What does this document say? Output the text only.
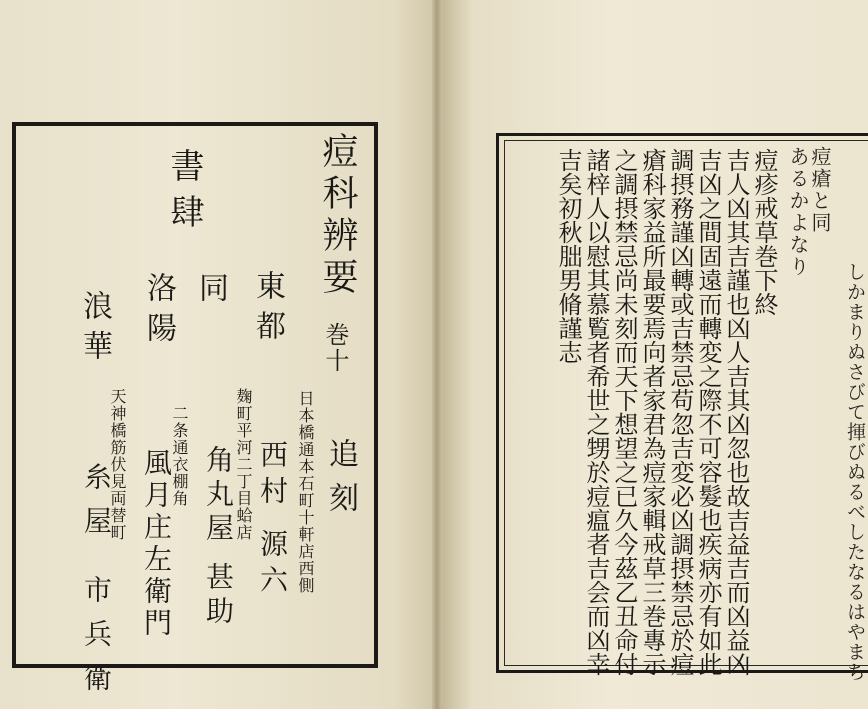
痘科辨要
巻十
追刻
書肆
東都
同
洛陽
浪華
日本橋通本石町十軒店西側
西村 源六
麹町平河二丁目蛤店
角丸屋 甚助
二条通衣棚角
風月庄左衛門
天神橋筋伏見両替町
糸屋 市兵衛
痘瘡と同
しかまりぬさびて揮びぬるべしたなるはやまち
あるかよなり
痘疹戒草巻下終
吉人凶其吉謹也凶人吉其凶忽也故吉益吉而凶益凶
吉凶之間固遠而轉変之際不可容髮也疾病亦有如此
調摂務謹凶轉或吉禁忌苟忽吉変必凶調摂禁忌於痘
瘡科家益所最要焉向者家君為痘家輯戒草三巻專示
之調摂禁忌尚未刻而天下想望之已久今茲乙丑命付
諸梓人以慰其慕覧者希世之甥於痘瘟者吉会而凶幸
吉矣初秋朏男脩謹志
